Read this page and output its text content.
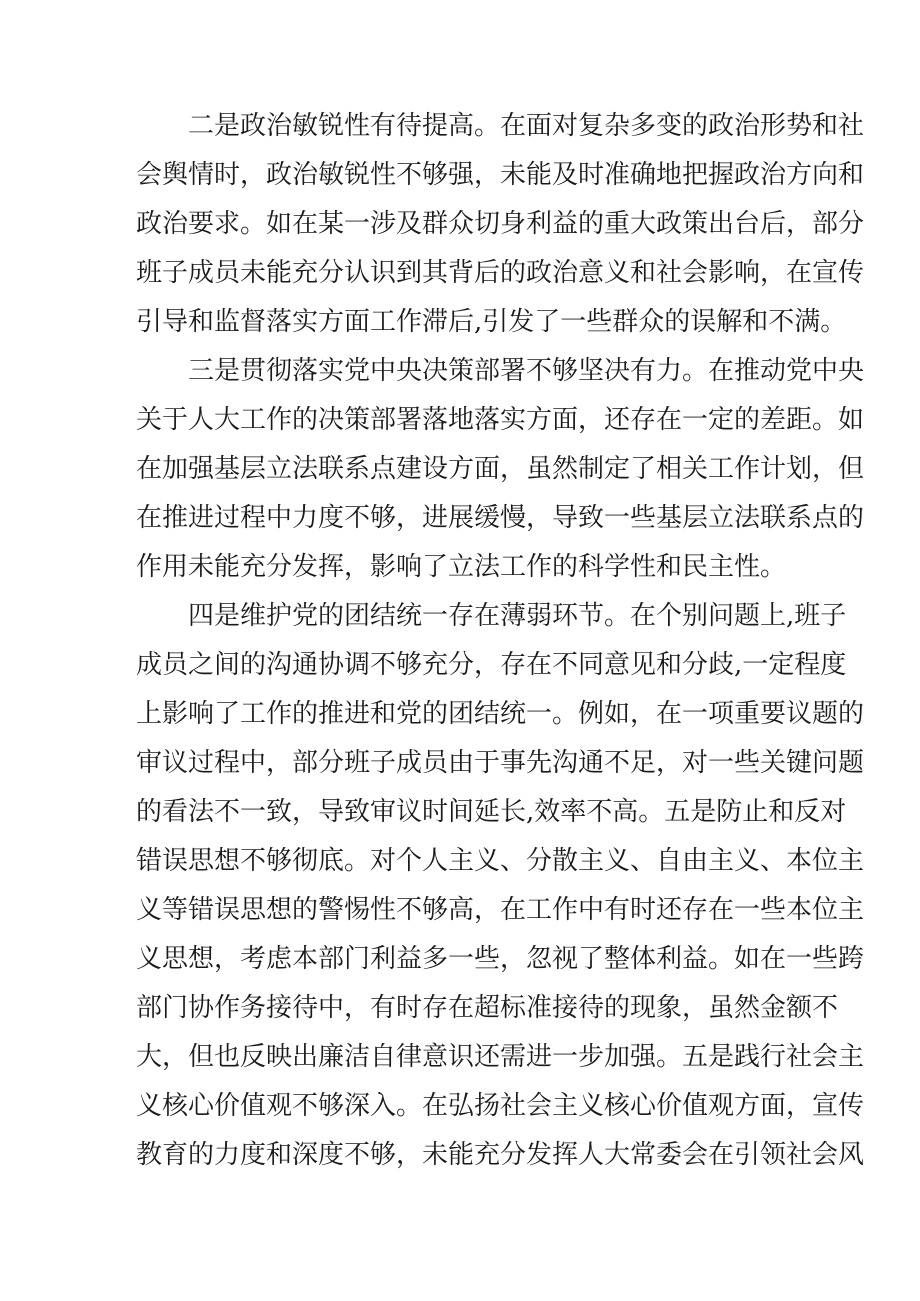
二是政治敏锐性有待提高。在面对复杂多变的政治形势和社
会舆情时，政治敏锐性不够强，未能及时准确地把握政治方向和
政治要求。如在某一涉及群众切身利益的重大政策出台后，部分
班子成员未能充分认识到其背后的政治意义和社会影响，在宣传
引导和监督落实方面工作滞后,引发了一些群众的误解和不满。
三是贯彻落实党中央决策部署不够坚决有力。在推动党中央
关于人大工作的决策部署落地落实方面，还存在一定的差距。如
在加强基层立法联系点建设方面，虽然制定了相关工作计划，但
在推进过程中力度不够，进展缓慢，导致一些基层立法联系点的
作用未能充分发挥，影响了立法工作的科学性和民主性。
四是维护党的团结统一存在薄弱环节。在个别问题上,班子
成员之间的沟通协调不够充分，存在不同意见和分歧,一定程度
上影响了工作的推进和党的团结统一。例如，在一项重要议题的
审议过程中，部分班子成员由于事先沟通不足，对一些关键问题
的看法不一致，导致审议时间延长,效率不高。五是防止和反对
错误思想不够彻底。对个人主义、分散主义、自由主义、本位主
义等错误思想的警惕性不够高，在工作中有时还存在一些本位主
义思想，考虑本部门利益多一些，忽视了整体利益。如在一些跨
部门协作务接待中，有时存在超标准接待的现象，虽然金额不
大，但也反映出廉洁自律意识还需进一步加强。五是践行社会主
义核心价值观不够深入。在弘扬社会主义核心价值观方面，宣传
教育的力度和深度不够，未能充分发挥人大常委会在引领社会风
